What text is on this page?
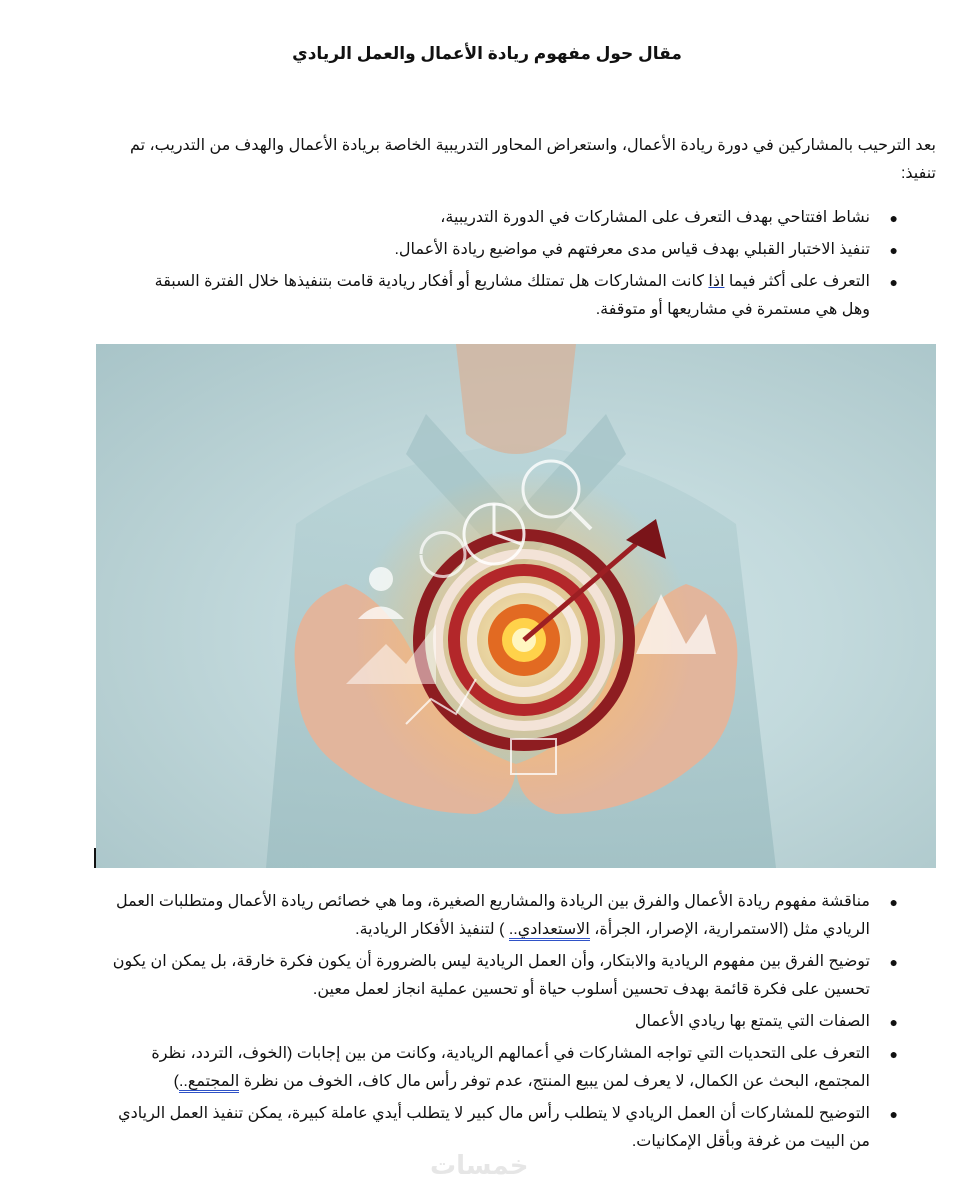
مقال حول مفهوم ريادة الأعمال والعمل الريادي
بعد الترحيب بالمشاركين في دورة ريادة الأعمال، واستعراض المحاور التدريبية الخاصة بريادة الأعمال والهدف من التدريب، تم تنفيذ:
●
نشاط افتتاحي بهدف التعرف على المشاركات في الدورة التدريبية،
●
تنفيذ الاختبار القبلي بهدف قياس مدى معرفتهم في مواضيع ريادة الأعمال.
●
التعرف على أكثر فيما اذا كانت المشاركات هل تمتلك مشاريع أو أفكار ريادية قامت بتنفيذها خلال الفترة السبقة وهل هي مستمرة في مشاريعها أو متوقفة.
●
مناقشة مفهوم ريادة الأعمال والفرق بين الريادة والمشاريع الصغيرة، وما هي خصائص ريادة الأعمال ومتطلبات العمل الريادي مثل (الاستمرارية، الإصرار، الجرأة، الاستعدادي.. ) لتنفيذ الأفكار الريادية.
●
توضيح الفرق بين مفهوم الريادية والابتكار، وأن العمل الريادية ليس بالضرورة أن يكون فكرة خارقة، بل يمكن ان يكون تحسين على فكرة قائمة بهدف تحسين أسلوب حياة أو تحسين عملية انجاز لعمل معين.
●
الصفات التي يتمتع بها ريادي الأعمال
●
التعرف على التحديات التي تواجه المشاركات في أعمالهم الريادية، وكانت من بين إجابات (الخوف، التردد، نظرة المجتمع، البحث عن الكمال، لا يعرف لمن يبيع المنتج، عدم توفر رأس مال كاف، الخوف من نظرة المجتمع..)
●
التوضيح للمشاركات أن العمل الريادي لا يتطلب رأس مال كبير لا يتطلب أيدي عاملة كبيرة، يمكن تنفيذ العمل الريادي من البيت من غرفة وبأقل الإمكانيات.
خمسات
